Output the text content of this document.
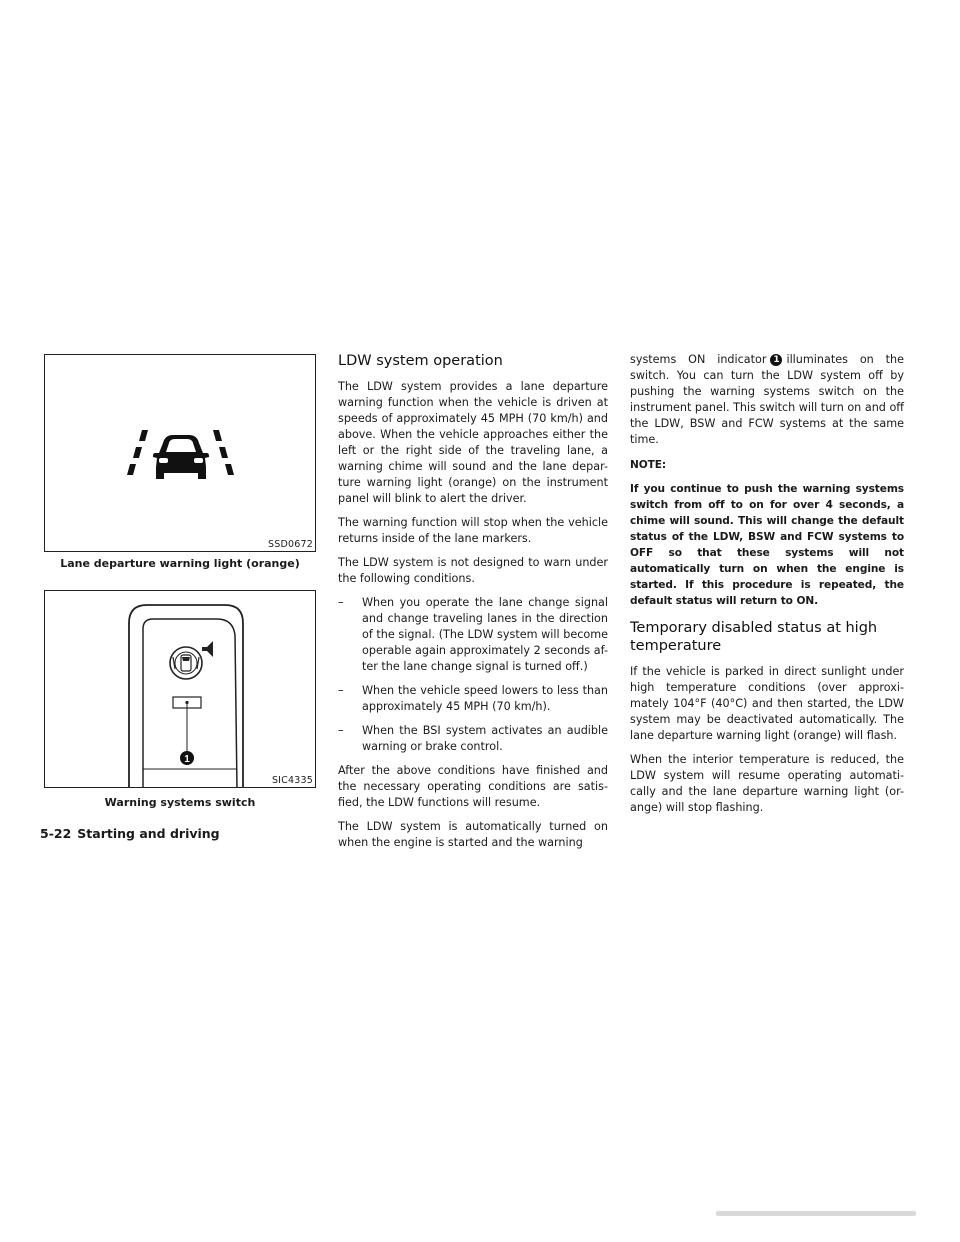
SSD0672
Lane departure warning light (orange)
1
SIC4335
Warning systems switch
LDW system operation

The LDW system provides a lane departure warning function when the vehicle is driven at speeds of approximately 45 MPH (70 km/h) and above. When the vehicle approaches either the left or the right side of the traveling lane, a warning chime will sound and the lane depar- ture warning light (orange) on the instrument panel will blink to alert the driver.

The warning function will stop when the vehicle returns inside of the lane markers.

The LDW system is not designed to warn under the following conditions.

– When you operate the lane change signal and change traveling lanes in the direction of the signal. (The LDW system will become operable again approximately 2 seconds af- ter the lane change signal is turned off.)
– When the vehicle speed lowers to less than approximately 45 MPH (70 km/h).
– When the BSI system activates an audible warning or brake control.

After the above conditions have finished and the necessary operating conditions are satis- fied, the LDW functions will resume.

The LDW system is automatically turned on when the engine is started and the warning

systems ON indicator 1 illuminates on the switch. You can turn the LDW system off by pushing the warning systems switch on the instrument panel. This switch will turn on and off the LDW, BSW and FCW systems at the same time.

NOTE:

If you continue to push the warning systems switch from off to on for over 4 seconds, a chime will sound. This will change the default status of the LDW, BSW and FCW systems to OFF so that these systems will not automatically turn on when the engine is started. If this procedure is repeated, the default status will return to ON.

Temporary disabled status at high temperature

If the vehicle is parked in direct sunlight under high temperature conditions (over approxi- mately 104°F (40°C) and then started, the LDW system may be deactivated automatically. The lane departure warning light (orange) will flash.

When the interior temperature is reduced, the LDW system will resume operating automati- cally and the lane departure warning light (or- ange) will stop flashing.

5-22 Starting and driving
